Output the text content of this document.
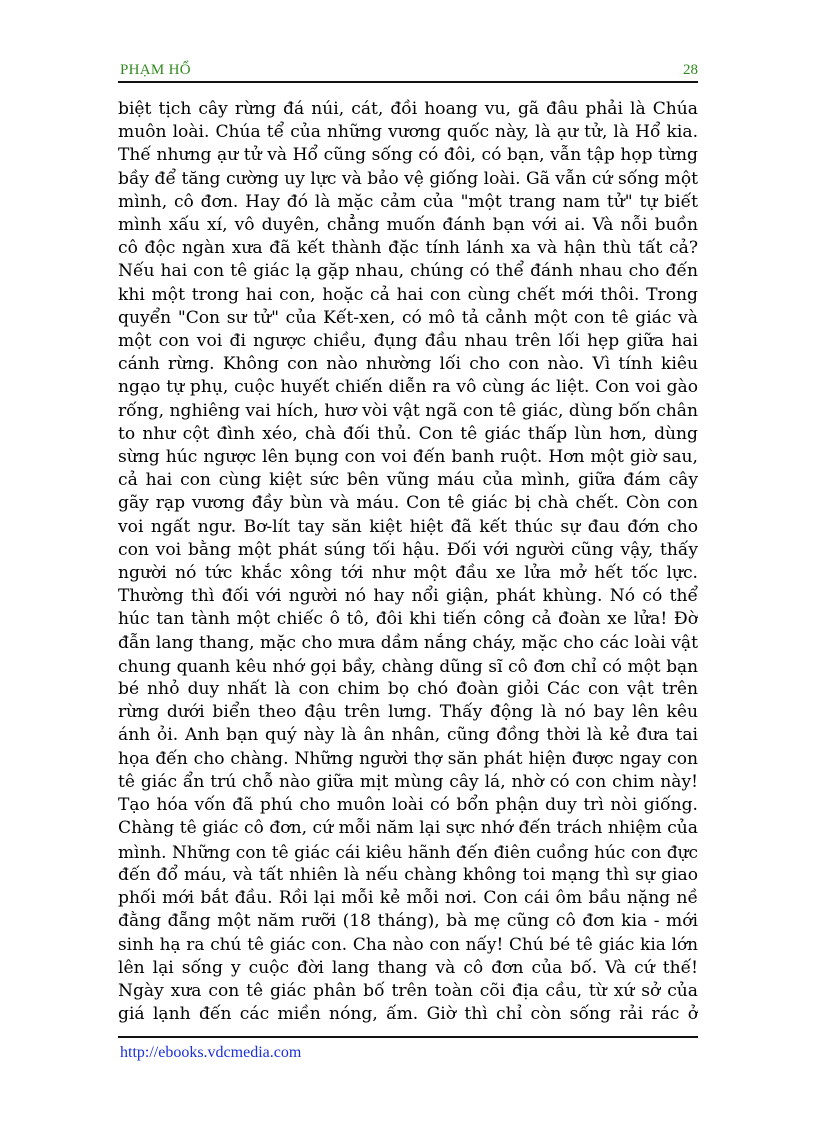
PHẠM HỔ	28
biệt tịch cây rừng đá núi, cát, đồi hoang vu, gã đâu phải là Chúa
muôn loài. Chúa tể của những vương quốc này, là ạư tử, là Hổ kia.
Thế nhưng ạư tử và Hổ cũng sống có đôi, có bạn, vẫn tập họp từng
bầy để tăng cường uy lực và bảo vệ giống loài. Gã vẫn cứ sống một
mình, cô đơn. Hay đó là mặc cảm của "một trang nam tử" tự biết
mình xấu xí, vô duyên, chẳng muốn đánh bạn với ai. Và nỗi buồn
cô độc ngàn xưa đã kết thành đặc tính lánh xa và hận thù tất cả?
Nếu hai con tê giác lạ gặp nhau, chúng có thể đánh nhau cho đến
khi một trong hai con, hoặc cả hai con cùng chết mới thôi. Trong
quyển "Con sư tử" của Kết-xen, có mô tả cảnh một con tê giác và
một con voi đi ngược chiều, đụng đầu nhau trên lối hẹp giữa hai
cánh rừng. Không con nào nhường lối cho con nào. Vì tính kiêu
ngạo tự phụ, cuộc huyết chiến diễn ra vô cùng ác liệt. Con voi gào
rống, nghiêng vai hích, hươ vòi vật ngã con tê giác, dùng bốn chân
to như cột đình xéo, chà đối thủ. Con tê giác thấp lùn hơn, dùng
sừng húc ngược lên bụng con voi đến banh ruột. Hơn một giờ sau,
cả hai con cùng kiệt sức bên vũng máu của mình, giữa đám cây
gãy rạp vương đầy bùn và máu. Con tê giác bị chà chết. Còn con
voi ngất ngư. Bơ-lít tay săn kiệt hiệt đã kết thúc sự đau đớn cho
con voi bằng một phát súng tối hậu. Đối với người cũng vậy, thấy
người nó tức khắc xông tới như một đầu xe lửa mở hết tốc lực.
Thường thì đối với người nó hay nổi giận, phát khùng. Nó có thể
húc tan tành một chiếc ô tô, đôi khi tiến công cả đoàn xe lửa! Đờ
đẫn lang thang, mặc cho mưa dầm nắng cháy, mặc cho các loài vật
chung quanh kêu nhớ gọi bầy, chàng dũng sĩ cô đơn chỉ có một bạn
bé nhỏ duy nhất là con chim bọ chó đoàn giỏi Các con vật trên
rừng dưới biển theo đậu trên lưng. Thấy động là nó bay lên kêu
ánh ỏi. Anh bạn quý này là ân nhân, cũng đồng thời là kẻ đưa tai
họa đến cho chàng. Những người thợ săn phát hiện được ngay con
tê giác ẩn trú chỗ nào giữa mịt mùng cây lá, nhờ có con chim này!
Tạo hóa vốn đã phú cho muôn loài có bổn phận duy trì nòi giống.
Chàng tê giác cô đơn, cứ mỗi năm lại sực nhớ đến trách nhiệm của
mình. Những con tê giác cái kiêu hãnh đến điên cuồng húc con đực
đến đổ máu, và tất nhiên là nếu chàng không toi mạng thì sự giao
phối mới bắt đầu. Rồi lại mỗi kẻ mỗi nơi. Con cái ôm bầu nặng nề
đằng đẵng một năm rưỡi (18 tháng), bà mẹ cũng cô đơn kia - mới
sinh hạ ra chú tê giác con. Cha nào con nấy! Chú bé tê giác kia lớn
lên lại sống y cuộc đời lang thang và cô đơn của bố. Và cứ thế!
Ngày xưa con tê giác phân bố trên toàn cõi địa cầu, từ xứ sở của
giá lạnh đến các miền nóng, ấm. Giờ thì chỉ còn sống rải rác ở
http://ebooks.vdcmedia.com
